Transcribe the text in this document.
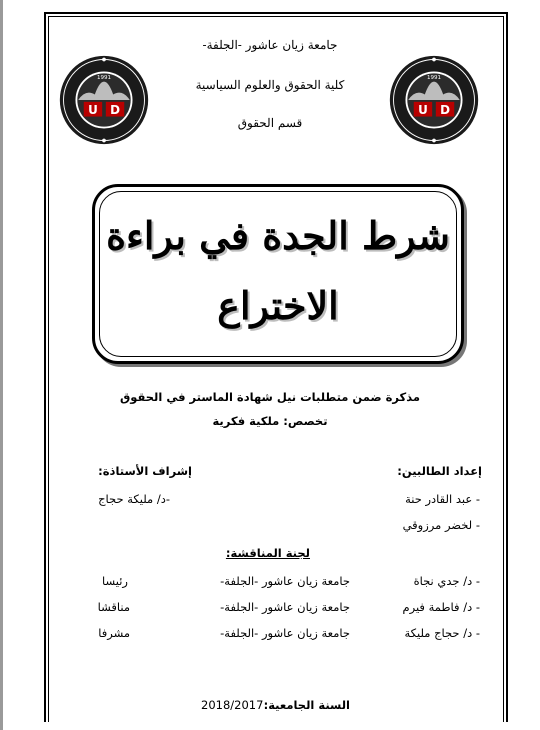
U D
1991
U D
1991
جامعة زيان عاشور -الجلفة-
كلية الحقوق والعلوم السياسية
قسم الحقوق
شرط الجدة في براءة
الاختراع
مذكرة ضمن متطلبات نيل شهادة الماستر في الحقوق
تخصص: ملكية فكرية
إعداد الطالبين:
- عبد القادر حنة
- لخضر مرزوقي
إشراف الأستاذة:
-د/ مليكة حجاج
لجنة المناقشة:
- د/ جدي نجاة
جامعة زيان عاشور -الجلفة-
رئيسا
- د/ فاطمة فيرم
جامعة زيان عاشور -الجلفة-
مناقشا
- د/ حجاج مليكة
جامعة زيان عاشور -الجلفة-
مشرفا
السنة الجامعية:
2018/2017
